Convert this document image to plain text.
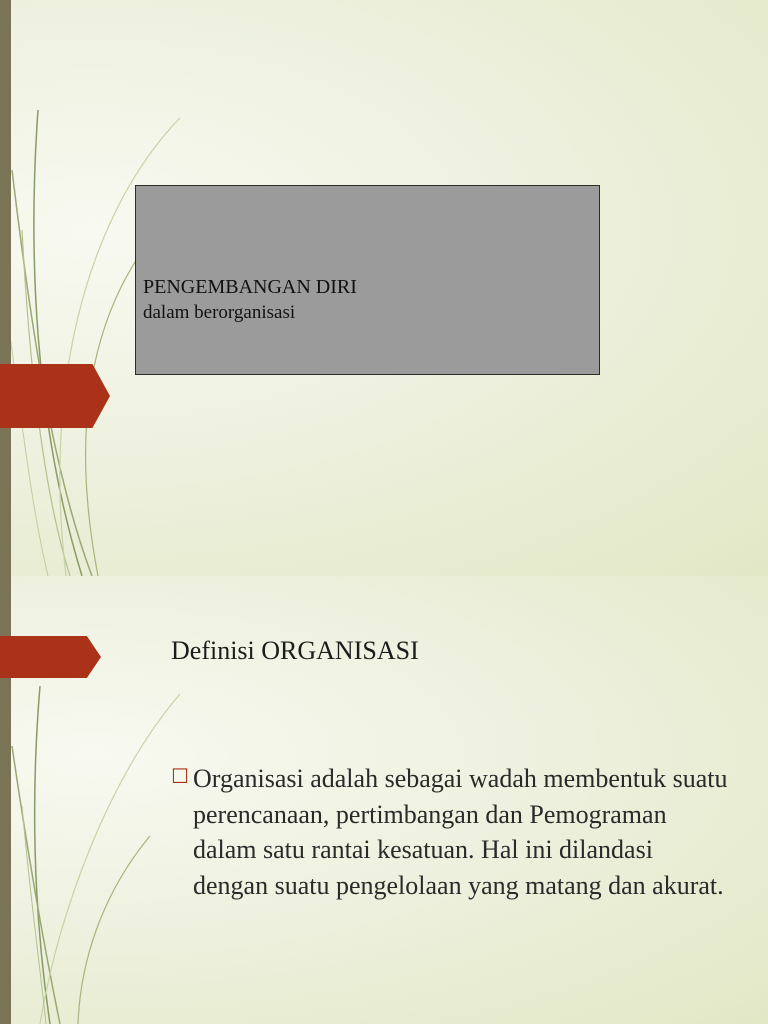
PENGEMBANGAN DIRI
dalam berorganisasi
Definisi ORGANISASI
☐ Organisasi adalah sebagai wadah membentuk suatu perencanaan, pertimbangan dan Pemograman dalam satu rantai kesatuan. Hal ini dilandasi dengan suatu pengelolaan yang matang dan akurat.
